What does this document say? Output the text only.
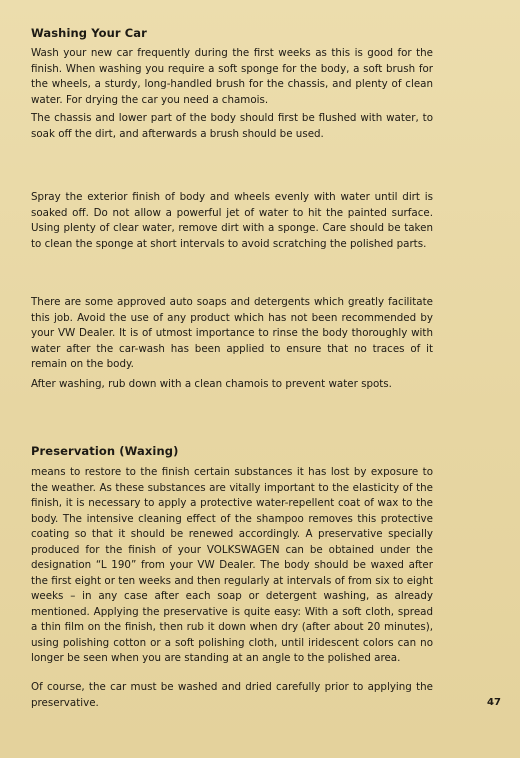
Washing Your Car

Wash your new car frequently during the first weeks as this is good for the finish. When washing you require a soft sponge for the body, a soft brush for the wheels, a sturdy, long-handled brush for the chassis, and plenty of clean water. For drying the car you need a chamois.

The chassis and lower part of the body should first be flushed with water, to soak off the dirt, and afterwards a brush should be used.

Spray the exterior finish of body and wheels evenly with water until dirt is soaked off. Do not allow a powerful jet of water to hit the painted surface. Using plenty of clear water, remove dirt with a sponge. Care should be taken to clean the sponge at short intervals to avoid scratching the polished parts.

There are some approved auto soaps and detergents which greatly facilitate this job. Avoid the use of any product which has not been recommended by your VW Dealer. It is of utmost importance to rinse the body thoroughly with water after the car-wash has been applied to ensure that no traces of it remain on the body.

After washing, rub down with a clean chamois to prevent water spots.

Preservation (Waxing)

means to restore to the finish certain substances it has lost by exposure to the weather. As these substances are vitally important to the elasticity of the finish, it is necessary to apply a protective water-repellent coat of wax to the body. The intensive cleaning effect of the shampoo removes this protective coating so that it should be renewed accordingly. A preservative specially produced for the finish of your VOLKSWAGEN can be obtained under the designation “L 190” from your VW Dealer. The body should be waxed after the first eight or ten weeks and then regularly at intervals of from six to eight weeks – in any case after each soap or detergent washing, as already mentioned. Applying the preservative is quite easy: With a soft cloth, spread a thin film on the finish, then rub it down when dry (after about 20 minutes), using polishing cotton or a soft polishing cloth, until iridescent colors can no longer be seen when you are standing at an angle to the polished area.

Of course, the car must be washed and dried carefully prior to applying the preservative.	47
